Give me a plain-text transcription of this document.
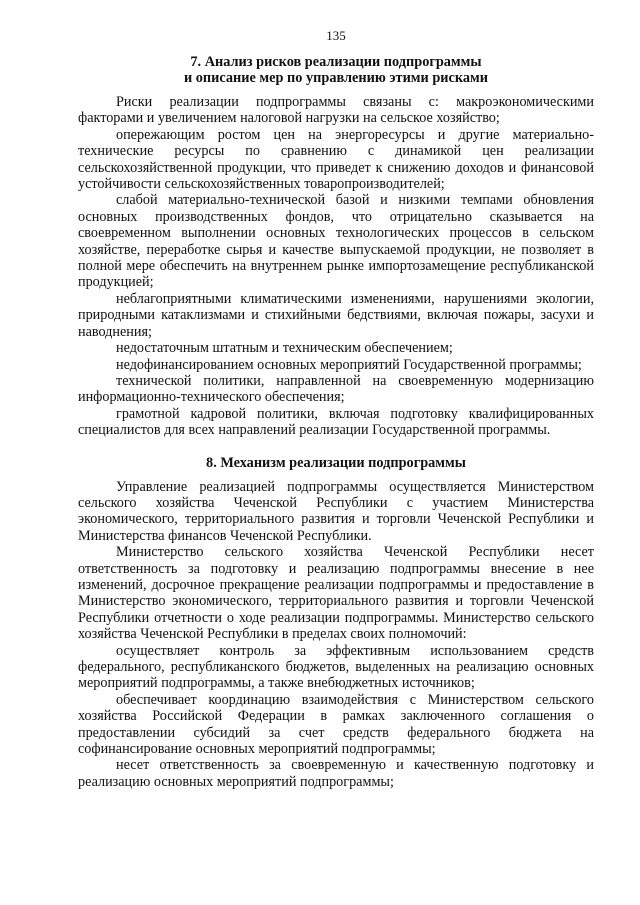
135
7. Анализ рисков реализации подпрограммы
и описание мер по управлению этими рисками

Риски реализации подпрограммы связаны с: макроэкономическими факторами и увеличением налоговой нагрузки на сельское хозяйство;

опережающим ростом цен на энергоресурсы и другие материально-технические ресурсы по сравнению с динамикой цен реализации сельскохозяйственной продукции, что приведет к снижению доходов и финансовой устойчивости сельскохозяйственных товаропроизводителей;

слабой материально-технической базой и низкими темпами обновления основных производственных фондов, что отрицательно сказывается на своевременном выполнении основных технологических процессов в сельском хозяйстве, переработке сырья и качестве выпускаемой продукции, не позволяет в полной мере обеспечить на внутреннем рынке импортозамещение республиканской продукцией;

неблагоприятными климатическими изменениями, нарушениями экологии, природными катаклизмами и стихийными бедствиями, включая пожары, засухи и наводнения;

недостаточным штатным и техническим обеспечением;

недофинансированием основных мероприятий Государственной программы;

технической политики, направленной на своевременную модернизацию информационно-технического обеспечения;

грамотной кадровой политики, включая подготовку квалифицированных специалистов для всех направлений реализации Государственной программы.

8. Механизм реализации подпрограммы

Управление реализацией подпрограммы осуществляется Министерством сельского хозяйства Чеченской Республики с участием Министерства экономического, территориального развития и торговли Чеченской Республики и Министерства финансов Чеченской Республики.

Министерство сельского хозяйства Чеченской Республики несет ответственность за подготовку и реализацию подпрограммы внесение в нее изменений, досрочное прекращение реализации подпрограммы и предоставление в Министерство экономического, территориального развития и торговли Чеченской Республики отчетности о ходе реализации подпрограммы. Министерство сельского хозяйства Чеченской Республики в пределах своих полномочий:

осуществляет контроль за эффективным использованием средств федерального, республиканского бюджетов, выделенных на реализацию основных мероприятий подпрограммы, а также внебюджетных источников;

обеспечивает координацию взаимодействия с Министерством сельского хозяйства Российской Федерации в рамках заключенного соглашения о предоставлении субсидий за счет средств федерального бюджета на софинансирование основных мероприятий подпрограммы;

несет ответственность за своевременную и качественную подготовку и реализацию основных мероприятий подпрограммы;
